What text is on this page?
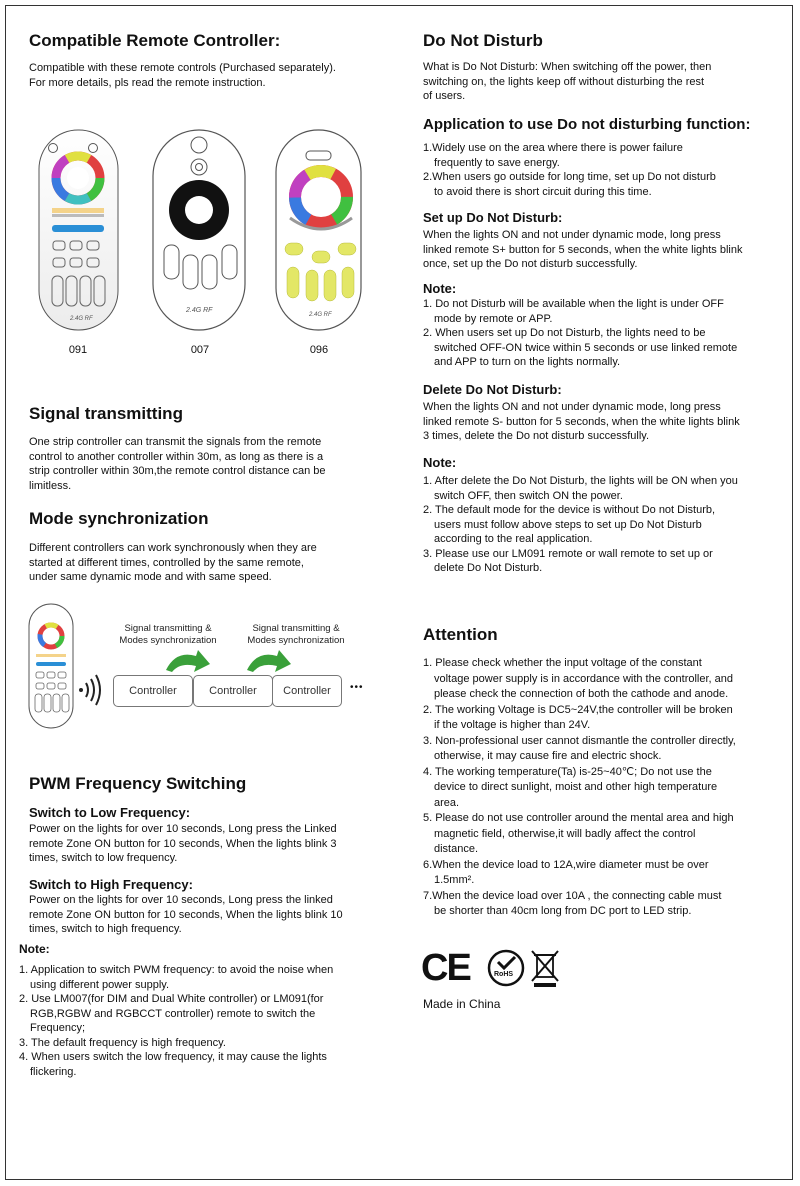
Compatible Remote Controller:

Compatible with these remote controls (Purchased separately).
For more details, pls read the remote instruction.

2.4G RF
2.4G RF
2.4G RF
091	007	096
Signal transmitting

One strip controller can transmit the signals from the remote
control to another controller within 30m, as long as there is a
strip controller within 30m,the remote control distance can be
limitless.

Mode synchronization

Different controllers can work synchronously when they are
started at different times, controlled by the same remote,
under same dynamic mode and with same speed.

Signal transmitting &
Modes synchronization
Signal transmitting &
Modes synchronization
Controller	Controller	Controller	•••
PWM Frequency Switching
Switch to Low Frequency:

Power on the lights for over 10 seconds, Long press the Linked
remote Zone ON button for 10 seconds, When the lights blink 3
times, switch to low frequency.

Switch to High Frequency:

Power on the lights for over 10 seconds, Long press the linked
remote Zone ON button for 10 seconds, When the lights blink 10
times, switch to high frequency.

Note:
1. Application to switch PWM frequency: to avoid the noise when
using different power supply.
2. Use LM007(for DIM and Dual White controller) or LM091(for
RGB,RGBW and RGBCCT controller) remote to switch the
Frequency;
3. The default frequency is high frequency.
4. When users switch the low frequency, it may cause the lights
flickering.
Do Not Disturb

What is Do Not Disturb: When switching off the power, then
switching on, the lights keep off without disturbing the rest
of users.

Application to use Do not disturbing function:
1.Widely use on the area where there is power failure
frequently to save energy.
2.When users go outside for long time, set up Do not disturb
to avoid there is short circuit during this time.
Set up Do Not Disturb:

When the lights ON and not under dynamic mode, long press
linked remote S+ button for 5 seconds, when the white lights blink
once, set up the Do not disturb successfully.

Note:
1. Do not Disturb will be available when the light is under OFF
mode by remote or APP.
2. When users set up Do not Disturb, the lights need to be
switched OFF-ON twice within 5 seconds or use linked remote
and APP to turn on the lights normally.
Delete Do Not Disturb:

When the lights ON and not under dynamic mode, long press
linked remote S- button for 5 seconds, when the white lights blink
3 times, delete the Do not disturb successfully.

Note:
1. After delete the Do Not Disturb, the lights will be ON when you
switch OFF, then switch ON the power.
2. The default mode for the device is without Do not Disturb,
users must follow above steps to set up Do Not Disturb
according to the real application.
3. Please use our LM091 remote or wall remote to set up or
delete Do Not Disturb.
Attention
1. Please check whether the input voltage of the constant
voltage power supply is in accordance with the controller, and
please check the connection of both the cathode and anode.
2. The working Voltage is DC5~24V,the controller will be broken
if the voltage is higher than 24V.
3. Non-professional user cannot dismantle the controller directly,
otherwise, it may cause fire and electric shock.
4. The working temperature(Ta) is-25~40℃; Do not use the
device to direct sunlight, moist and other high temperature
area.
5. Please do not use controller around the mental area and high
magnetic field, otherwise,it will badly affect the control
distance.
6.When the device load to 12A,wire diameter must be over
1.5mm².
7.When the device load over 10A , the connecting cable must
be shorter than 40cm long from DC port to LED strip.
CE	RoHS
Made in China
